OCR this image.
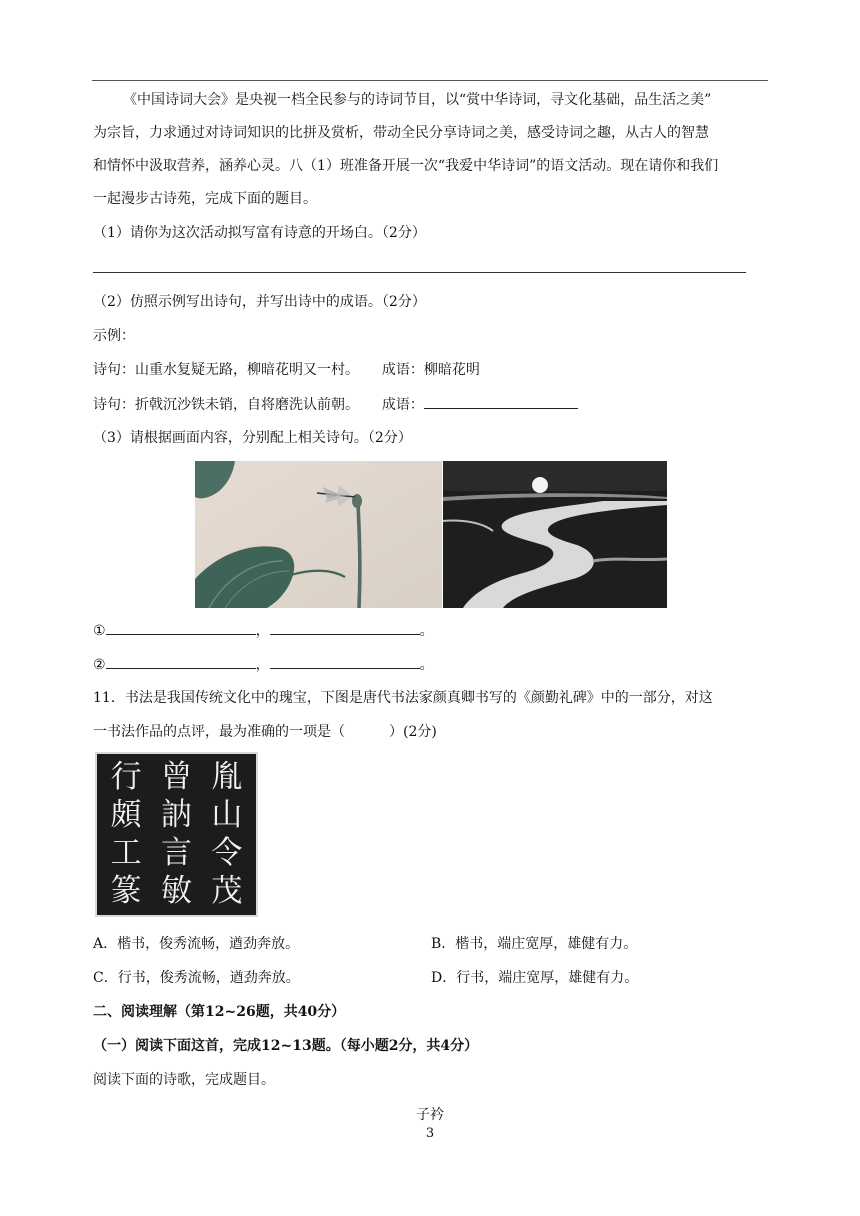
《中国诗词大会》是央视一档全民参与的诗词节目，以“赏中华诗词，寻文化基础，品生活之美”
为宗旨，力求通过对诗词知识的比拼及赏析，带动全民分享诗词之美，感受诗词之趣，从古人的智慧
和情怀中汲取营养，涵养心灵。八（1）班准备开展一次“我爱中华诗词”的语文活动。现在请你和我们
一起漫步古诗苑，完成下面的题目。
（1）请你为这次活动拟写富有诗意的开场白。（2分）
（2）仿照示例写出诗句，并写出诗中的成语。（2分）
示例：
诗句：山重水复疑无路，柳暗花明又一村。 成语：柳暗花明
诗句：折戟沉沙铁未销，自将磨洗认前朝。 成语：
（3）请根据画面内容，分别配上相关诗句。（2分）
①	，	。
②	，	。
11．书法是我国传统文化中的瑰宝，下图是唐代书法家颜真卿书写的《颜勤礼碑》中的一部分，对这
一书法作品的点评，最为准确的一项是（	）(2分)
行 曾 胤
頗 訥 山
工 言 令
篆 敏 茂
A．楷书，俊秀流畅，遒劲奔放。	B．楷书，端庄宽厚，雄健有力。
C．行书，俊秀流畅，遒劲奔放。	D．行书，端庄宽厚，雄健有力。
二、阅读理解（第12~26题，共40分）
（一）阅读下面这首，完成12~13题。（每小题2分，共4分）
阅读下面的诗歌，完成题目。
子衿
3
